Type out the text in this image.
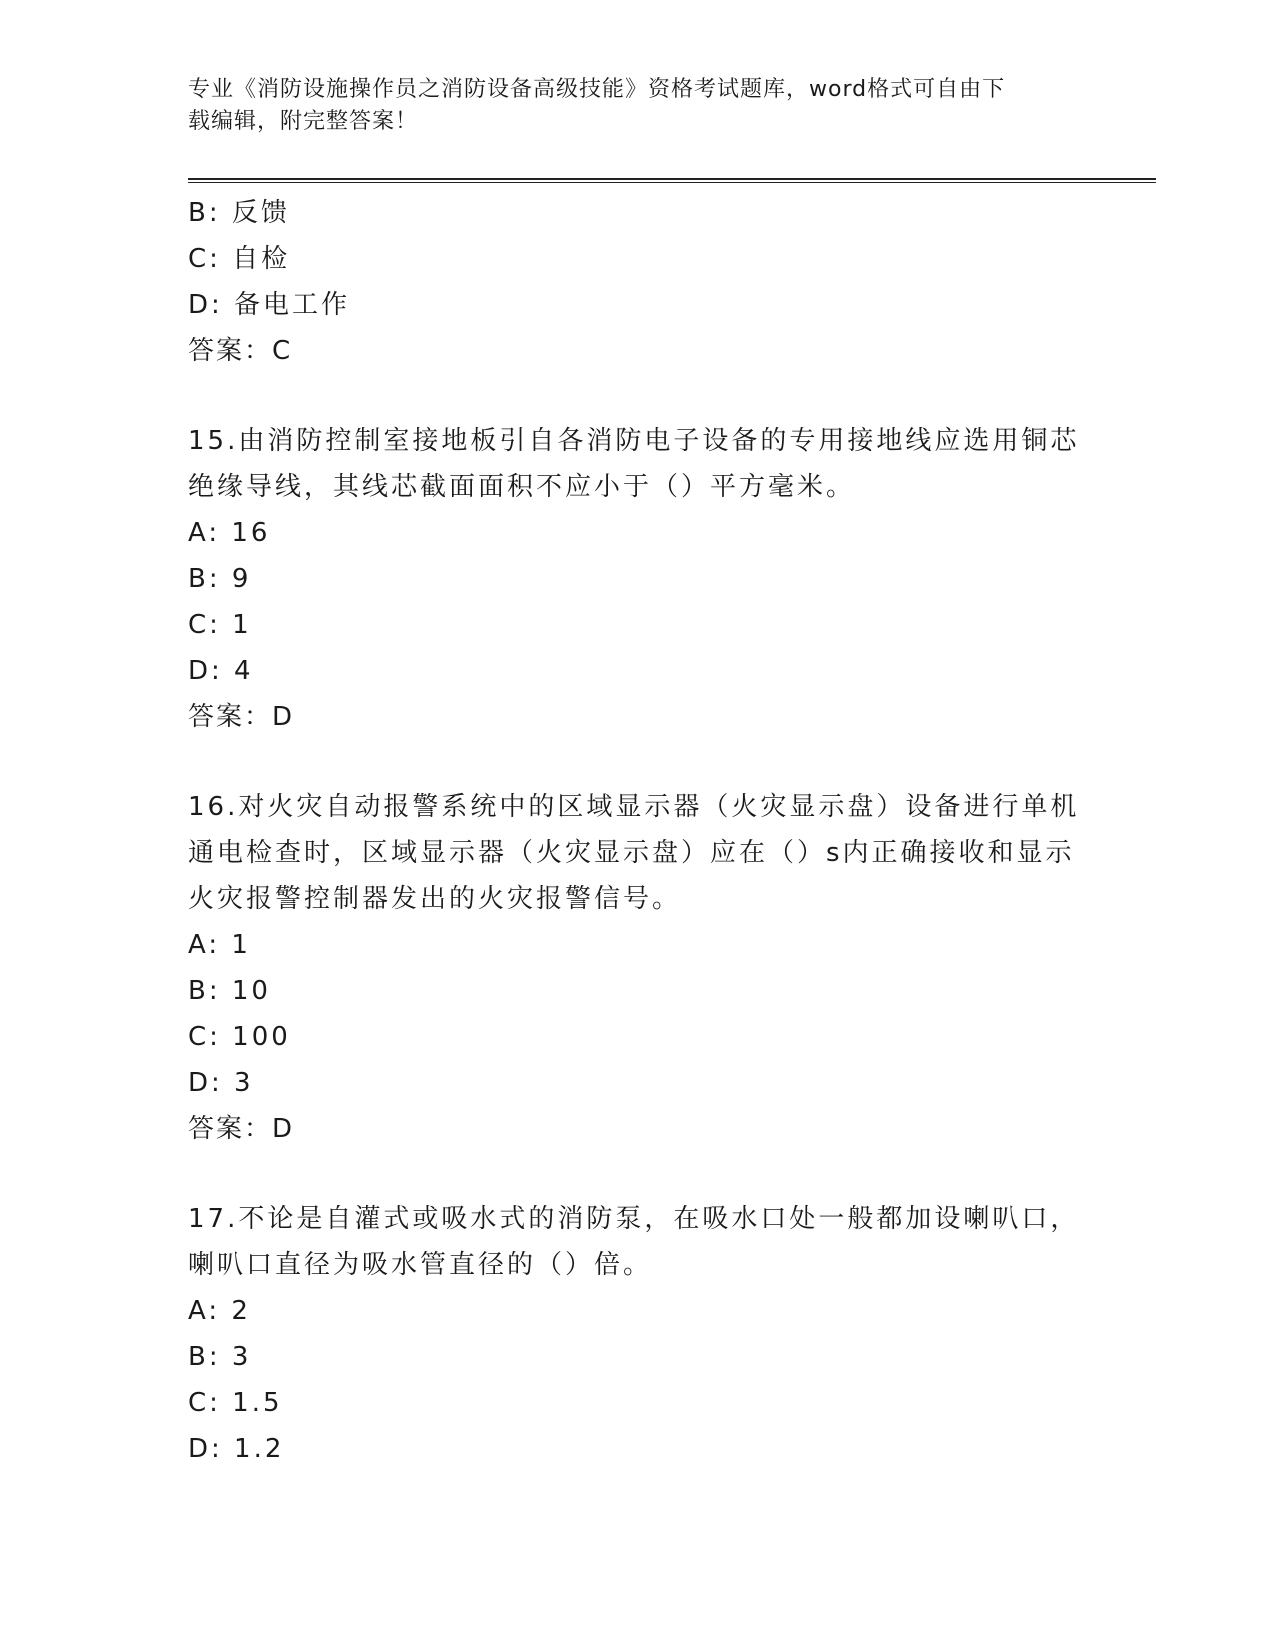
专业《消防设施操作员之消防设备高级技能》资格考试题库，word格式可自由下
载编辑，附完整答案！
B: 反馈
C: 自检
D: 备电工作
答案：C
15.由消防控制室接地板引自各消防电子设备的专用接地线应选用铜芯
绝缘导线，其线芯截面面积不应小于（）平方毫米。
A: 16
B: 9
C: 1
D: 4
答案：D
16.对火灾自动报警系统中的区域显示器（火灾显示盘）设备进行单机
通电检查时，区域显示器（火灾显示盘）应在（）s内正确接收和显示
火灾报警控制器发出的火灾报警信号。
A: 1
B: 10
C: 100
D: 3
答案：D
17.不论是自灌式或吸水式的消防泵，在吸水口处一般都加设喇叭口，
喇叭口直径为吸水管直径的（）倍。
A: 2
B: 3
C: 1.5
D: 1.2
